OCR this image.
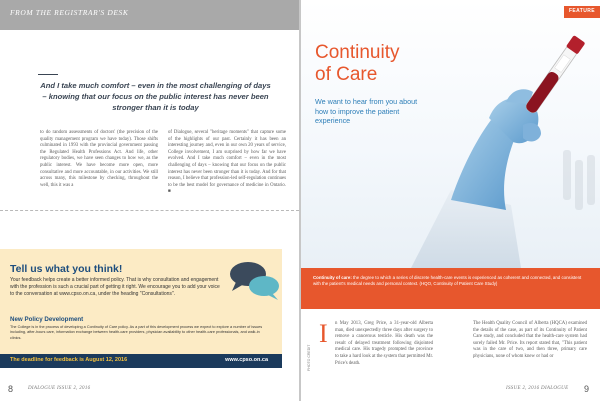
FROM THE REGISTRAR'S DESK
And I take much comfort – even in the most challenging of days – knowing that our focus on the public interest has never been stronger than it is today
to do random assessments of doctors' (the precision of the quality management program we have today). Those shifts culminated in 1993 with the provincial government passing the Regulated Health Professions Act. And life, other regulatory bodies, we have seen changes to how we, as the public interest. We have become more open, more consultative and more accountable, in our activities. We still across many, this milestone by checking, throughout the well, this it was a
of Dialogue, several "heritage moments" that capture some of the highlights of our past. Certainly it has been an interesting journey and, even in our own 20 years of service, College involvement, I am surprised by how far we have evolved. And I take much comfort – even in the most challenging of days – knowing that our focus on the public interest has never been stronger than it is today. And for that reason, I believe that profession-led self-regulation continues to be the best model for governance of medicine in Ontario. ■
Tell us what you think!
Your feedback helps create a better informed policy. That is why consultation and engagement with the profession is such a crucial part of getting it right. We encourage you to add your voice to the conversation at www.cpso.on.ca, under the heading "Consultations".
New Policy Development
The College is in the process of developing a Continuity of Care policy. As a part of this development process we expect to explore a number of issues including, after-hours care, information exchange between health-care providers, physician availability to other health-care professionals, and walk-in clinics.
The deadline for feedback is August 12, 2016	www.cpso.on.ca
8	DIALOGUE ISSUE 2, 2016
FEATURE
Continuity
of Care
We want to hear from you about how to improve the patient experience
Continuity of care: the degree to which a series of discrete health-care events is experienced as coherent and connected, and consistent with the patient's medical needs and personal context. (HQO, Continuity of Patient Care Study)
PHOTO CREDIT
I n May 2013, Greg Price, a 31-year-old Alberta man, died unexpectedly three days after surgery to remove a cancerous testicle. His death was the result of delayed treatment following disjointed medical care. His tragedy prompted the province to take a hard look at the system that permitted Mr. Price's death.
The Health Quality Council of Alberta (HQCA) examined the details of the case, as part of its Continuity of Patient Care study, and concluded that the health-care system had sorely failed Mr. Price. Its report stated that, "This patient was in the care of two, and then three, primary care physicians, none of whom knew or had or
ISSUE 2, 2016 DIALOGUE 9
